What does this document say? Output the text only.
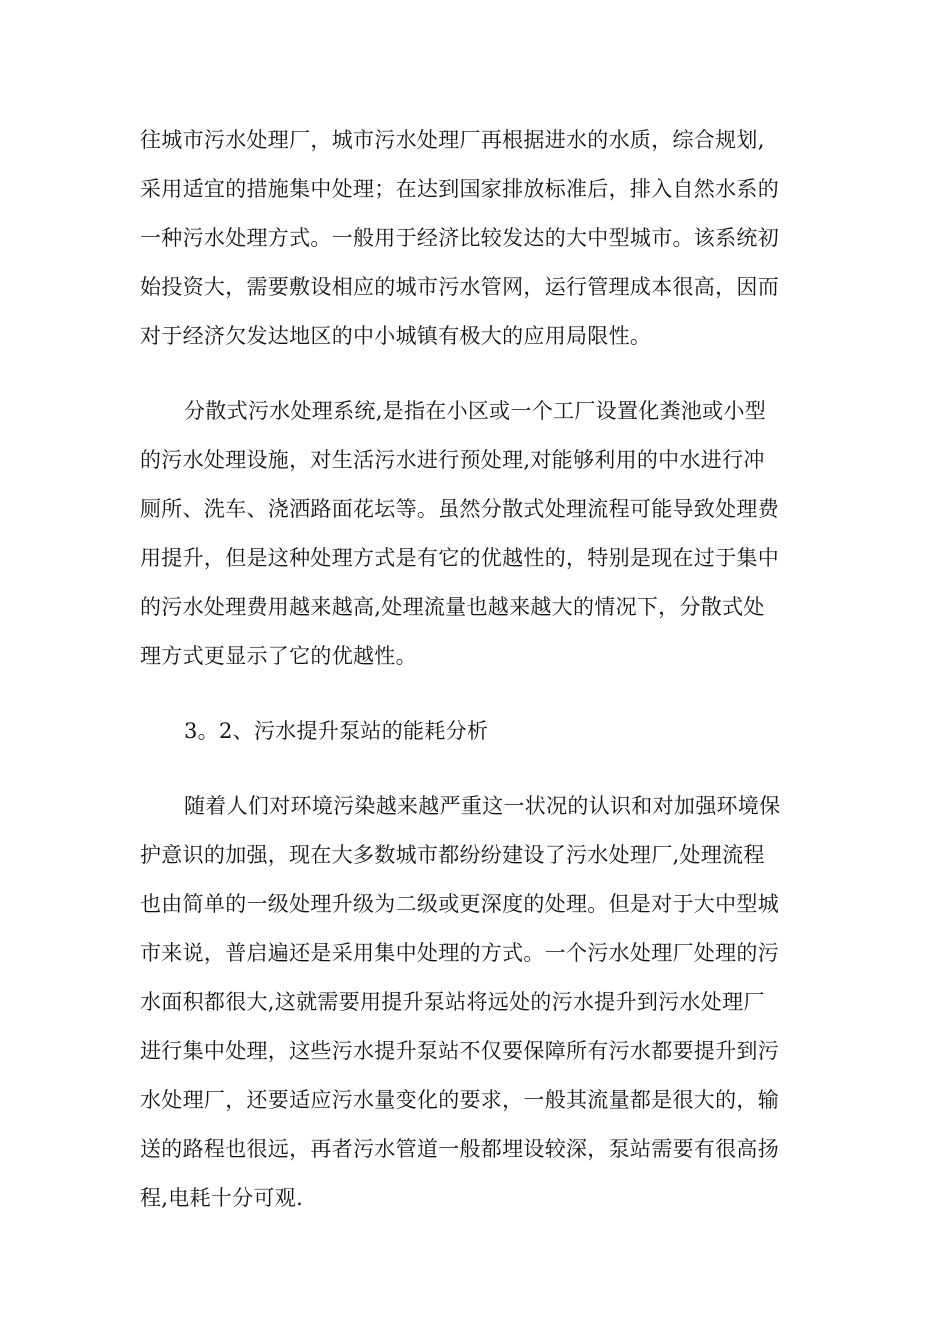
往城市污水处理厂，城市污水处理厂再根据进水的水质，综合规划,
采用适宜的措施集中处理；在达到国家排放标准后，排入自然水系的
一种污水处理方式。一般用于经济比较发达的大中型城市。该系统初
始投资大，需要敷设相应的城市污水管网，运行管理成本很高，因而
对于经济欠发达地区的中小城镇有极大的应用局限性。
分散式污水处理系统,是指在小区或一个工厂设置化粪池或小型
的污水处理设施，对生活污水进行预处理,对能够利用的中水进行冲
厕所、洗车、浇洒路面花坛等。虽然分散式处理流程可能导致处理费
用提升，但是这种处理方式是有它的优越性的，特别是现在过于集中
的污水处理费用越来越高,处理流量也越来越大的情况下，分散式处
理方式更显示了它的优越性。
3。2、污水提升泵站的能耗分析
随着人们对环境污染越来越严重这一状况的认识和对加强环境保
护意识的加强，现在大多数城市都纷纷建设了污水处理厂,处理流程
也由简单的一级处理升级为二级或更深度的处理。但是对于大中型城
市来说，普启遍还是采用集中处理的方式。一个污水处理厂处理的污
水面积都很大,这就需要用提升泵站将远处的污水提升到污水处理厂
进行集中处理，这些污水提升泵站不仅要保障所有污水都要提升到污
水处理厂，还要适应污水量变化的要求，一般其流量都是很大的，输
送的路程也很远，再者污水管道一般都埋设较深，泵站需要有很高扬
程,电耗十分可观.
